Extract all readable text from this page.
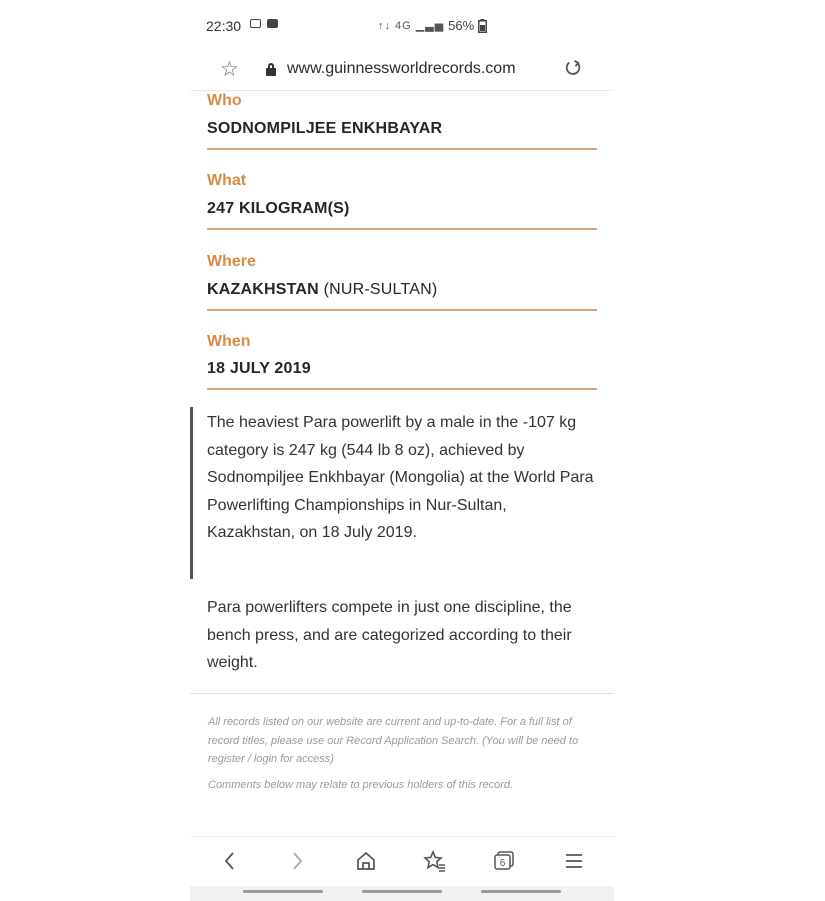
22:30	↑↓ 4G ▁▃▅ 56%
☆	www.guinnessworldrecords.com
Who
SODNOMPILJEE ENKHBAYAR
What
247 KILOGRAM(S)
Where
KAZAKHSTAN (NUR-SULTAN)
When
18 JULY 2019

The heaviest Para powerlift by a male in the -107 kg category is 247 kg (544 lb 8 oz), achieved by Sodnompiljee Enkhbayar (Mongolia) at the World Para Powerlifting Championships in Nur-Sultan, Kazakhstan, on 18 July 2019.

Para powerlifters compete in just one discipline, the bench press, and are categorized according to their weight.

All records listed on our website are current and up-to-date. For a full list of record titles, please use our Record Application Search. (You will be need to register / login for access)

Comments below may relate to previous holders of this record.

6
